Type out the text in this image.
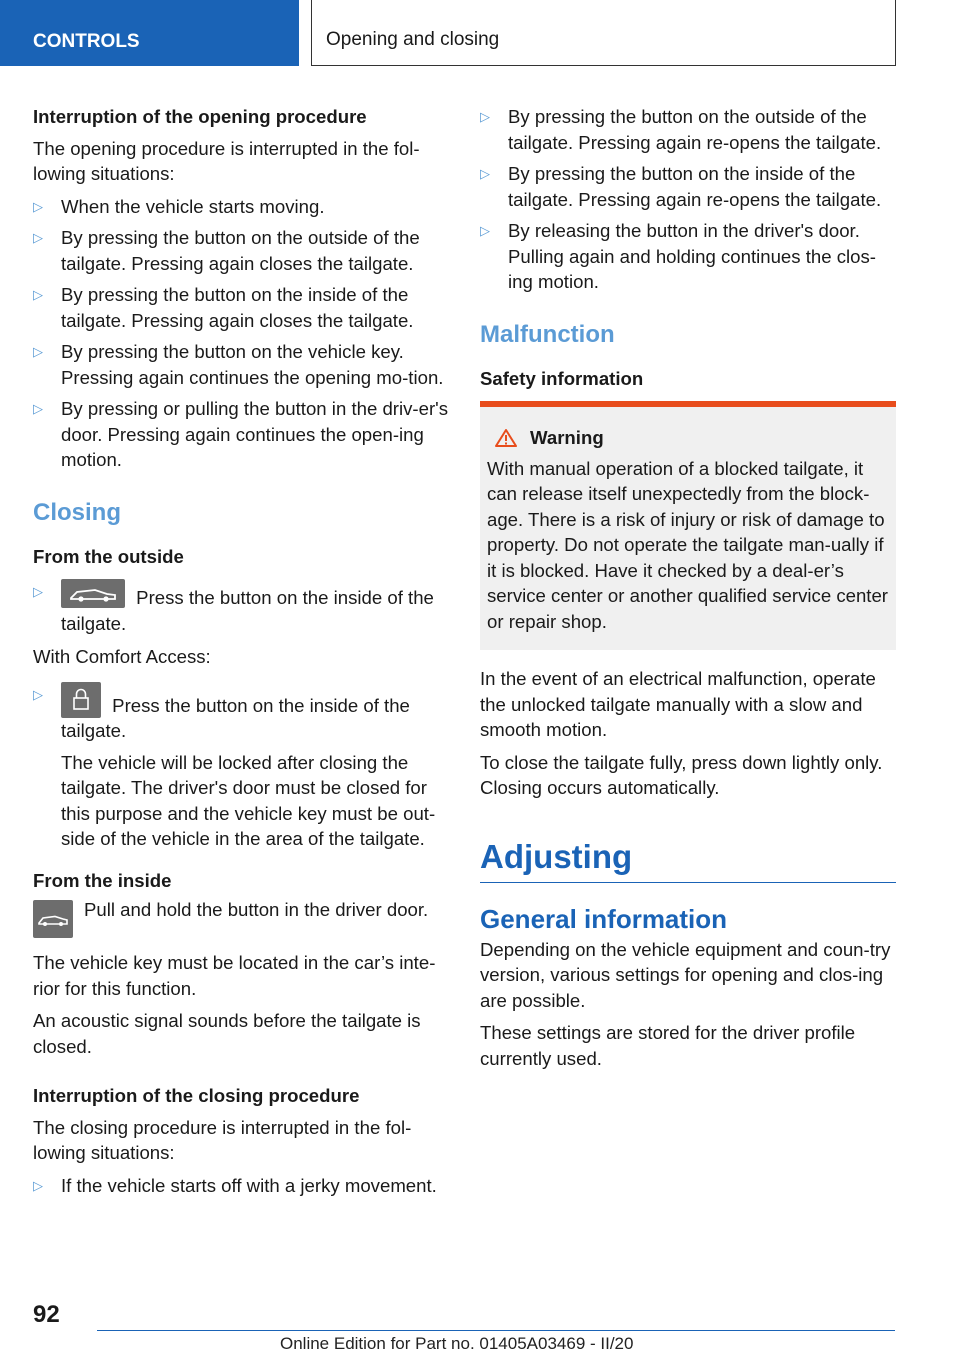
CONTROLS	Opening and closing
Interruption of the opening procedure

The opening procedure is interrupted in the fol-lowing situations:

▷ When the vehicle starts moving.
▷ By pressing the button on the outside of the tailgate. Pressing again closes the tailgate.
▷ By pressing the button on the inside of the tailgate. Pressing again closes the tailgate.
▷ By pressing the button on the vehicle key. Pressing again continues the opening mo-tion.
▷ By pressing or pulling the button in the driv-er's door. Pressing again continues the open-ing motion.
Closing
From the outside
▷	Press the button on the inside of the tailgate.

With Comfort Access:

▷
Press the button on the inside of the tailgate.

The vehicle will be locked after closing the tailgate. The driver's door must be closed for this purpose and the vehicle key must be out-side of the vehicle in the area of the tailgate.

From the inside
Pull and hold the button in the driver door.

The vehicle key must be located in the car’s inte-rior for this function.

An acoustic signal sounds before the tailgate is closed.

Interruption of the closing procedure

The closing procedure is interrupted in the fol-lowing situations:

▷ If the vehicle starts off with a jerky movement.
▷ By pressing the button on the outside of the tailgate. Pressing again re-opens the tailgate.
▷ By pressing the button on the inside of the tailgate. Pressing again re-opens the tailgate.
▷ By releasing the button in the driver's door. Pulling again and holding continues the clos-ing motion.
Malfunction
Safety information
Warning
With manual operation of a blocked tailgate, it can release itself unexpectedly from the block-age. There is a risk of injury or risk of damage to property. Do not operate the tailgate man-ually if it is blocked. Have it checked by a deal-er’s service center or another qualified service center or repair shop.

In the event of an electrical malfunction, operate the unlocked tailgate manually with a slow and smooth motion.

To close the tailgate fully, press down lightly only. Closing occurs automatically.

Adjusting
General information

Depending on the vehicle equipment and coun-try version, various settings for opening and clos-ing are possible.

These settings are stored for the driver profile currently used.

92
Online Edition for Part no. 01405A03469 - II/20
